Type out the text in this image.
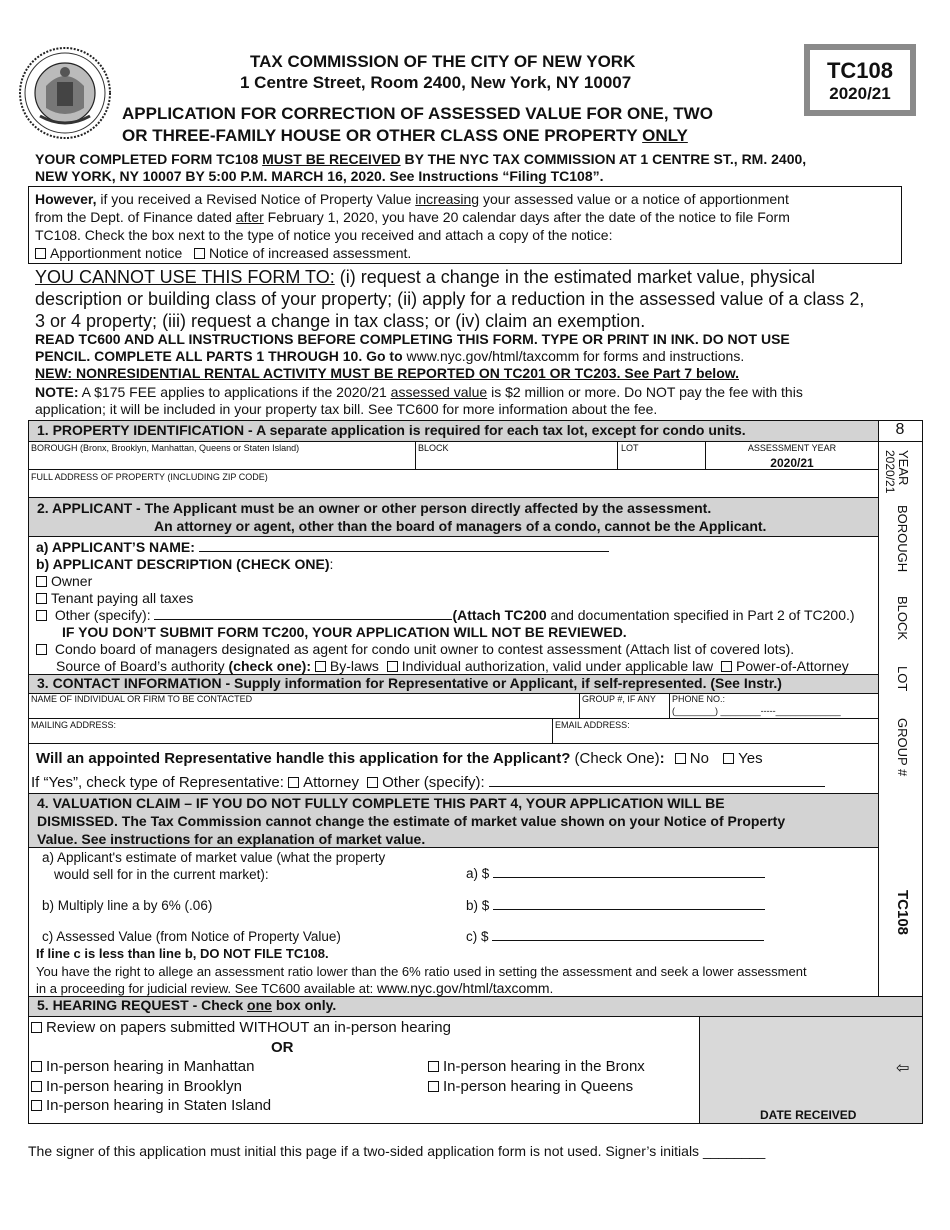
TAX COMMISSION OF THE CITY OF NEW YORK
1 Centre Street, Room 2400, New York, NY 10007
APPLICATION FOR CORRECTION OF ASSESSED VALUE FOR ONE, TWO
OR THREE-FAMILY HOUSE OR OTHER CLASS ONE PROPERTY ONLY
TC108
2020/21
YOUR COMPLETED FORM TC108 MUST BE RECEIVED BY THE NYC TAX COMMISSION AT 1 CENTRE ST., RM. 2400,
NEW YORK, NY 10007 BY 5:00 P.M. MARCH 16, 2020. See Instructions “Filing TC108”.
However, if you received a Revised Notice of Property Value increasing your assessed value or a notice of apportionment
from the Dept. of Finance dated after February 1, 2020, you have 20 calendar days after the date of the notice to file Form
TC108. Check the box next to the type of notice you received and attach a copy of the notice:
Apportionment notice Notice of increased assessment.
YOU CANNOT USE THIS FORM TO: (i) request a change in the estimated market value, physical
description or building class of your property; (ii) apply for a reduction in the assessed value of a class 2,
3 or 4 property; (iii) request a change in tax class; or (iv) claim an exemption.
READ TC600 AND ALL INSTRUCTIONS BEFORE COMPLETING THIS FORM. TYPE OR PRINT IN INK. DO NOT USE
PENCIL. COMPLETE ALL PARTS 1 THROUGH 10. Go to www.nyc.gov/html/taxcomm for forms and instructions.
NEW: NONRESIDENTIAL RENTAL ACTIVITY MUST BE REPORTED ON TC201 OR TC203. See Part 7 below.
NOTE: A $175 FEE applies to applications if the 2020/21 assessed value is $2 million or more. Do NOT pay the fee with this
application; it will be included in your property tax bill. See TC600 for more information about the fee.
8
1. PROPERTY IDENTIFICATION - A separate application is required for each tax lot, except for condo units.
BOROUGH (Bronx, Brooklyn, Manhattan, Queens or Staten Island)	BLOCK	LOT	ASSESSMENT YEAR
2020/21
FULL ADDRESS OF PROPERTY (INCLUDING ZIP CODE)
2. APPLICANT - The Applicant must be an owner or other person directly affected by the assessment.
An attorney or agent, other than the board of managers of a condo, cannot be the Applicant.
a) APPLICANT’S NAME:
b) APPLICANT DESCRIPTION (CHECK ONE):
Owner
Tenant paying all taxes
Other (specify):	(Attach TC200 and documentation specified in Part 2 of TC200.)
IF YOU DON’T SUBMIT FORM TC200, YOUR APPLICATION WILL NOT BE REVIEWED.
Condo board of managers designated as agent for condo unit owner to contest assessment (Attach list of covered lots).
Source of Board’s authority (check one): By-laws Individual authorization, valid under applicable law Power-of-Attorney
3. CONTACT INFORMATION - Supply information for Representative or Applicant, if self-represented. (See Instr.)
NAME OF INDIVIDUAL OR FIRM TO BE CONTACTED	GROUP #, IF ANY PHONE NO.:
(________) ________-----_____________
MAILING ADDRESS:	EMAIL ADDRESS:
Will an appointed Representative handle this application for the Applicant? (Check One): No Yes
If “Yes”, check type of Representative: Attorney Other (specify):
4. VALUATION CLAIM – IF YOU DO NOT FULLY COMPLETE THIS PART 4, YOUR APPLICATION WILL BE
DISMISSED. The Tax Commission cannot change the estimate of market value shown on your Notice of Property
Value. See instructions for an explanation of market value.
a) Applicant's estimate of market value (what the property
would sell for in the current market):	a) $
b) Multiply line a by 6% (.06)	b) $
c) Assessed Value (from Notice of Property Value)	c) $
If line c is less than line b, DO NOT FILE TC108.
You have the right to allege an assessment ratio lower than the 6% ratio used in setting the assessment and seek a lower assessment
in a proceeding for judicial review. See TC600 available at: www.nyc.gov/html/taxcomm.
5. HEARING REQUEST - Check one box only.
⇦
DATE RECEIVED
Review on papers submitted WITHOUT an in-person hearing
OR
In-person hearing in Manhattan	In-person hearing in the Bronx
In-person hearing in Brooklyn	In-person hearing in Queens
In-person hearing in Staten Island
YEAR
2020/21
BOROUGH
BLOCK
LOT
GROUP #
TC108
The signer of this application must initial this page if a two-sided application form is not used. Signer’s initials ________
